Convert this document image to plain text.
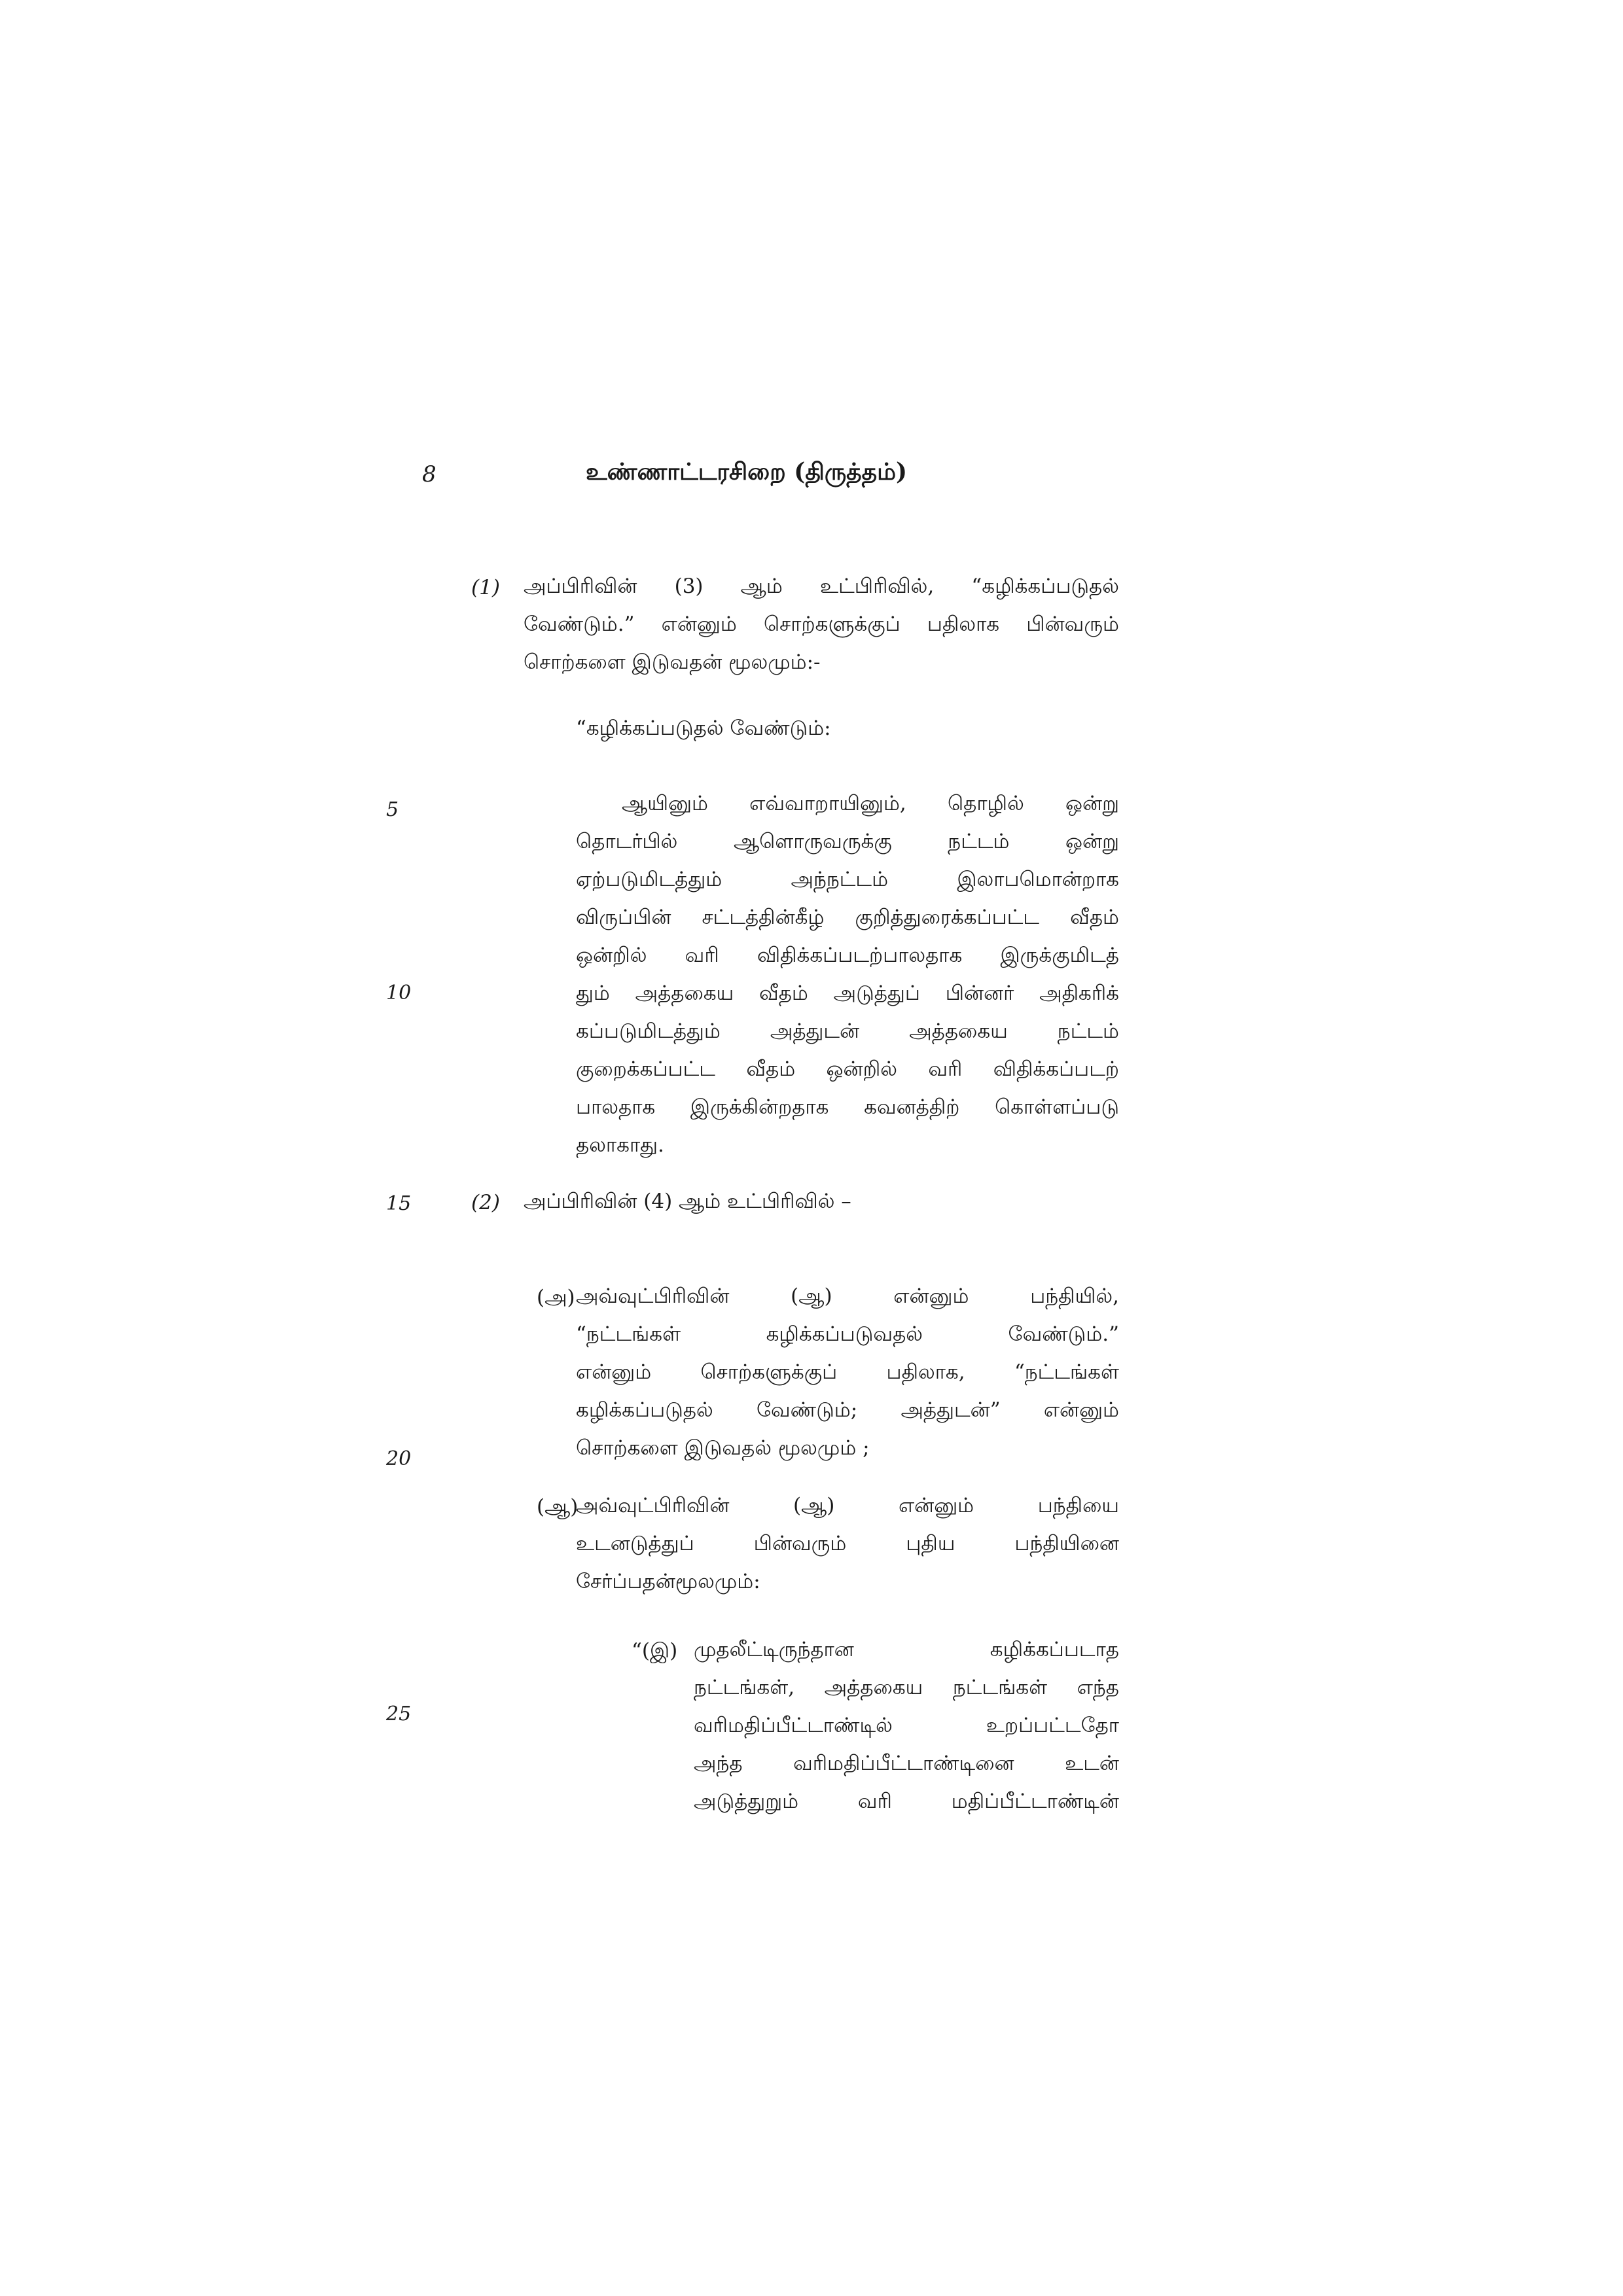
8	உண்ணாட்டரசிறை (திருத்தம்)
5
10
15
20
25
(1) அப்பிரிவின் (3) ஆம் உட்பிரிவில், “கழிக்கப்படுதல்
வேண்டும்.” என்னும் சொற்களுக்குப் பதிலாக பின்வரும்
சொற்களை இடுவதன் மூலமும்:-
“கழிக்கப்படுதல் வேண்டும்:
ஆயினும் எவ்வாறாயினும், தொழில் ஒன்று
தொடர்பில் ஆளொருவருக்கு நட்டம் ஒன்று
ஏற்படுமிடத்தும் அந்நட்டம் இலாபமொன்றாக
விருப்பின் சட்டத்தின்கீழ் குறித்துரைக்கப்பட்ட வீதம்
ஒன்றில் வரி விதிக்கப்படற்பாலதாக இருக்குமிடத்
தும் அத்தகைய வீதம் அடுத்துப் பின்னர் அதிகரிக்
கப்படுமிடத்தும் அத்துடன் அத்தகைய நட்டம்
குறைக்கப்பட்ட வீதம் ஒன்றில் வரி விதிக்கப்படற்
பாலதாக இருக்கின்றதாக கவனத்திற் கொள்ளப்படு
தலாகாது.
(2) அப்பிரிவின் (4) ஆம் உட்பிரிவில் –
(அ) அவ்வுட்பிரிவின் (ஆ) என்னும் பந்தியில்,
“நட்டங்கள் கழிக்கப்படுவதல் வேண்டும்.”
என்னும் சொற்களுக்குப் பதிலாக, “நட்டங்கள்
கழிக்கப்படுதல் வேண்டும்; அத்துடன்” என்னும்
சொற்களை இடுவதல் மூலமும் ;
(ஆ)
அவ்வுட்பிரிவின் (ஆ) என்னும் பந்தியை
உடனடுத்துப் பின்வரும் புதிய பந்தியினை
சேர்ப்பதன்மூலமும்:
“(இ) முதலீட்டிருந்தான கழிக்கப்படாத
நட்டங்கள், அத்தகைய நட்டங்கள் எந்த
வரிமதிப்பீட்டாண்டில் உறப்பட்டதோ
அந்த வரிமதிப்பீட்டாண்டினை உடன்
அடுத்துறும் வரி மதிப்பீட்டாண்டின்
